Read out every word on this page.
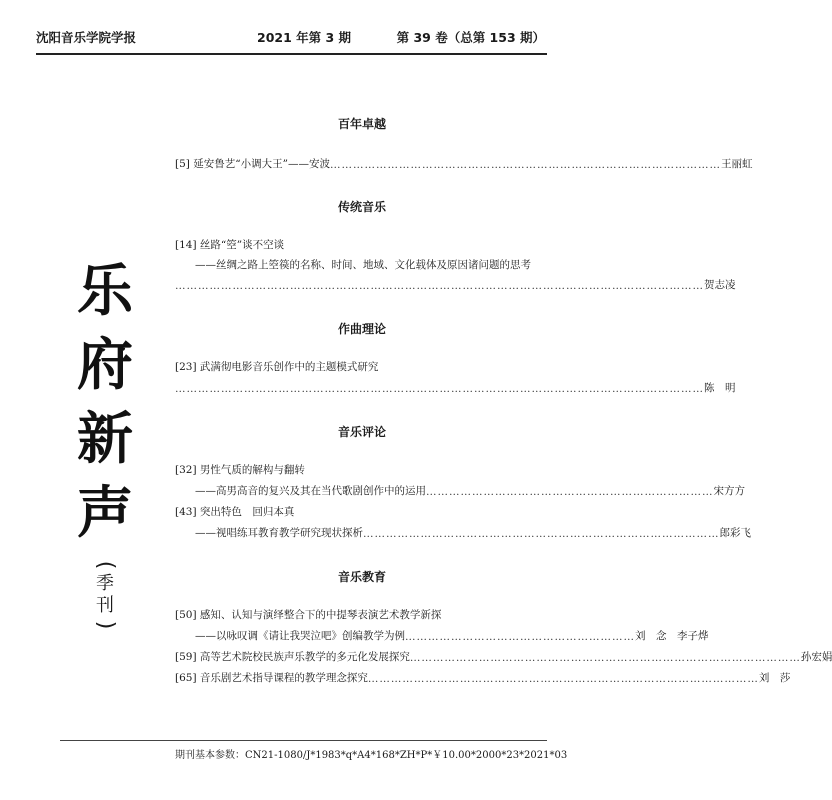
沈阳音乐学院学报	2021 年第 3 期	第 39 卷（总第 153 期）
乐
府
新
声
(
季
刊
)
百年卓越
[5] 延安鲁艺“小调大王”——安波 ………………………………………………………………………………………… 王丽虹
传统音乐
[14] 丝路“箜”谈不空谈
——丝绸之路上箜篌的名称、时间、地域、文化载体及原因诸问题的思考
………………………………………………………………………………………………………………………… 贺志凌
作曲理论
[23] 武满彻电影音乐创作中的主题模式研究
………………………………………………………………………………………………………………………… 陈　明
音乐评论
[32] 男性气质的解构与翻转
——高男高音的复兴及其在当代歌剧创作中的运用 ………………………………………………………………… 宋方方
[43] 突出特色　回归本真
——视唱练耳教育教学研究现状探析 ………………………………………………………………………………… 郎彩飞
音乐教育
[50] 感知、认知与演绎整合下的中提琴表演艺术教学新探
——以咏叹调《请让我哭泣吧》创编教学为例 …………………………………………………… 刘　念　李子烨
[59] 高等艺术院校民族声乐教学的多元化发展探究 ………………………………………………………………………………………… 孙宏娟
[65] 音乐剧艺术指导课程的教学理念探究 ………………………………………………………………………………………… 刘　莎
期刊基本参数：CN21-1080/J*1983*q*A4*168*ZH*P*￥10.00*2000*23*2021*03
